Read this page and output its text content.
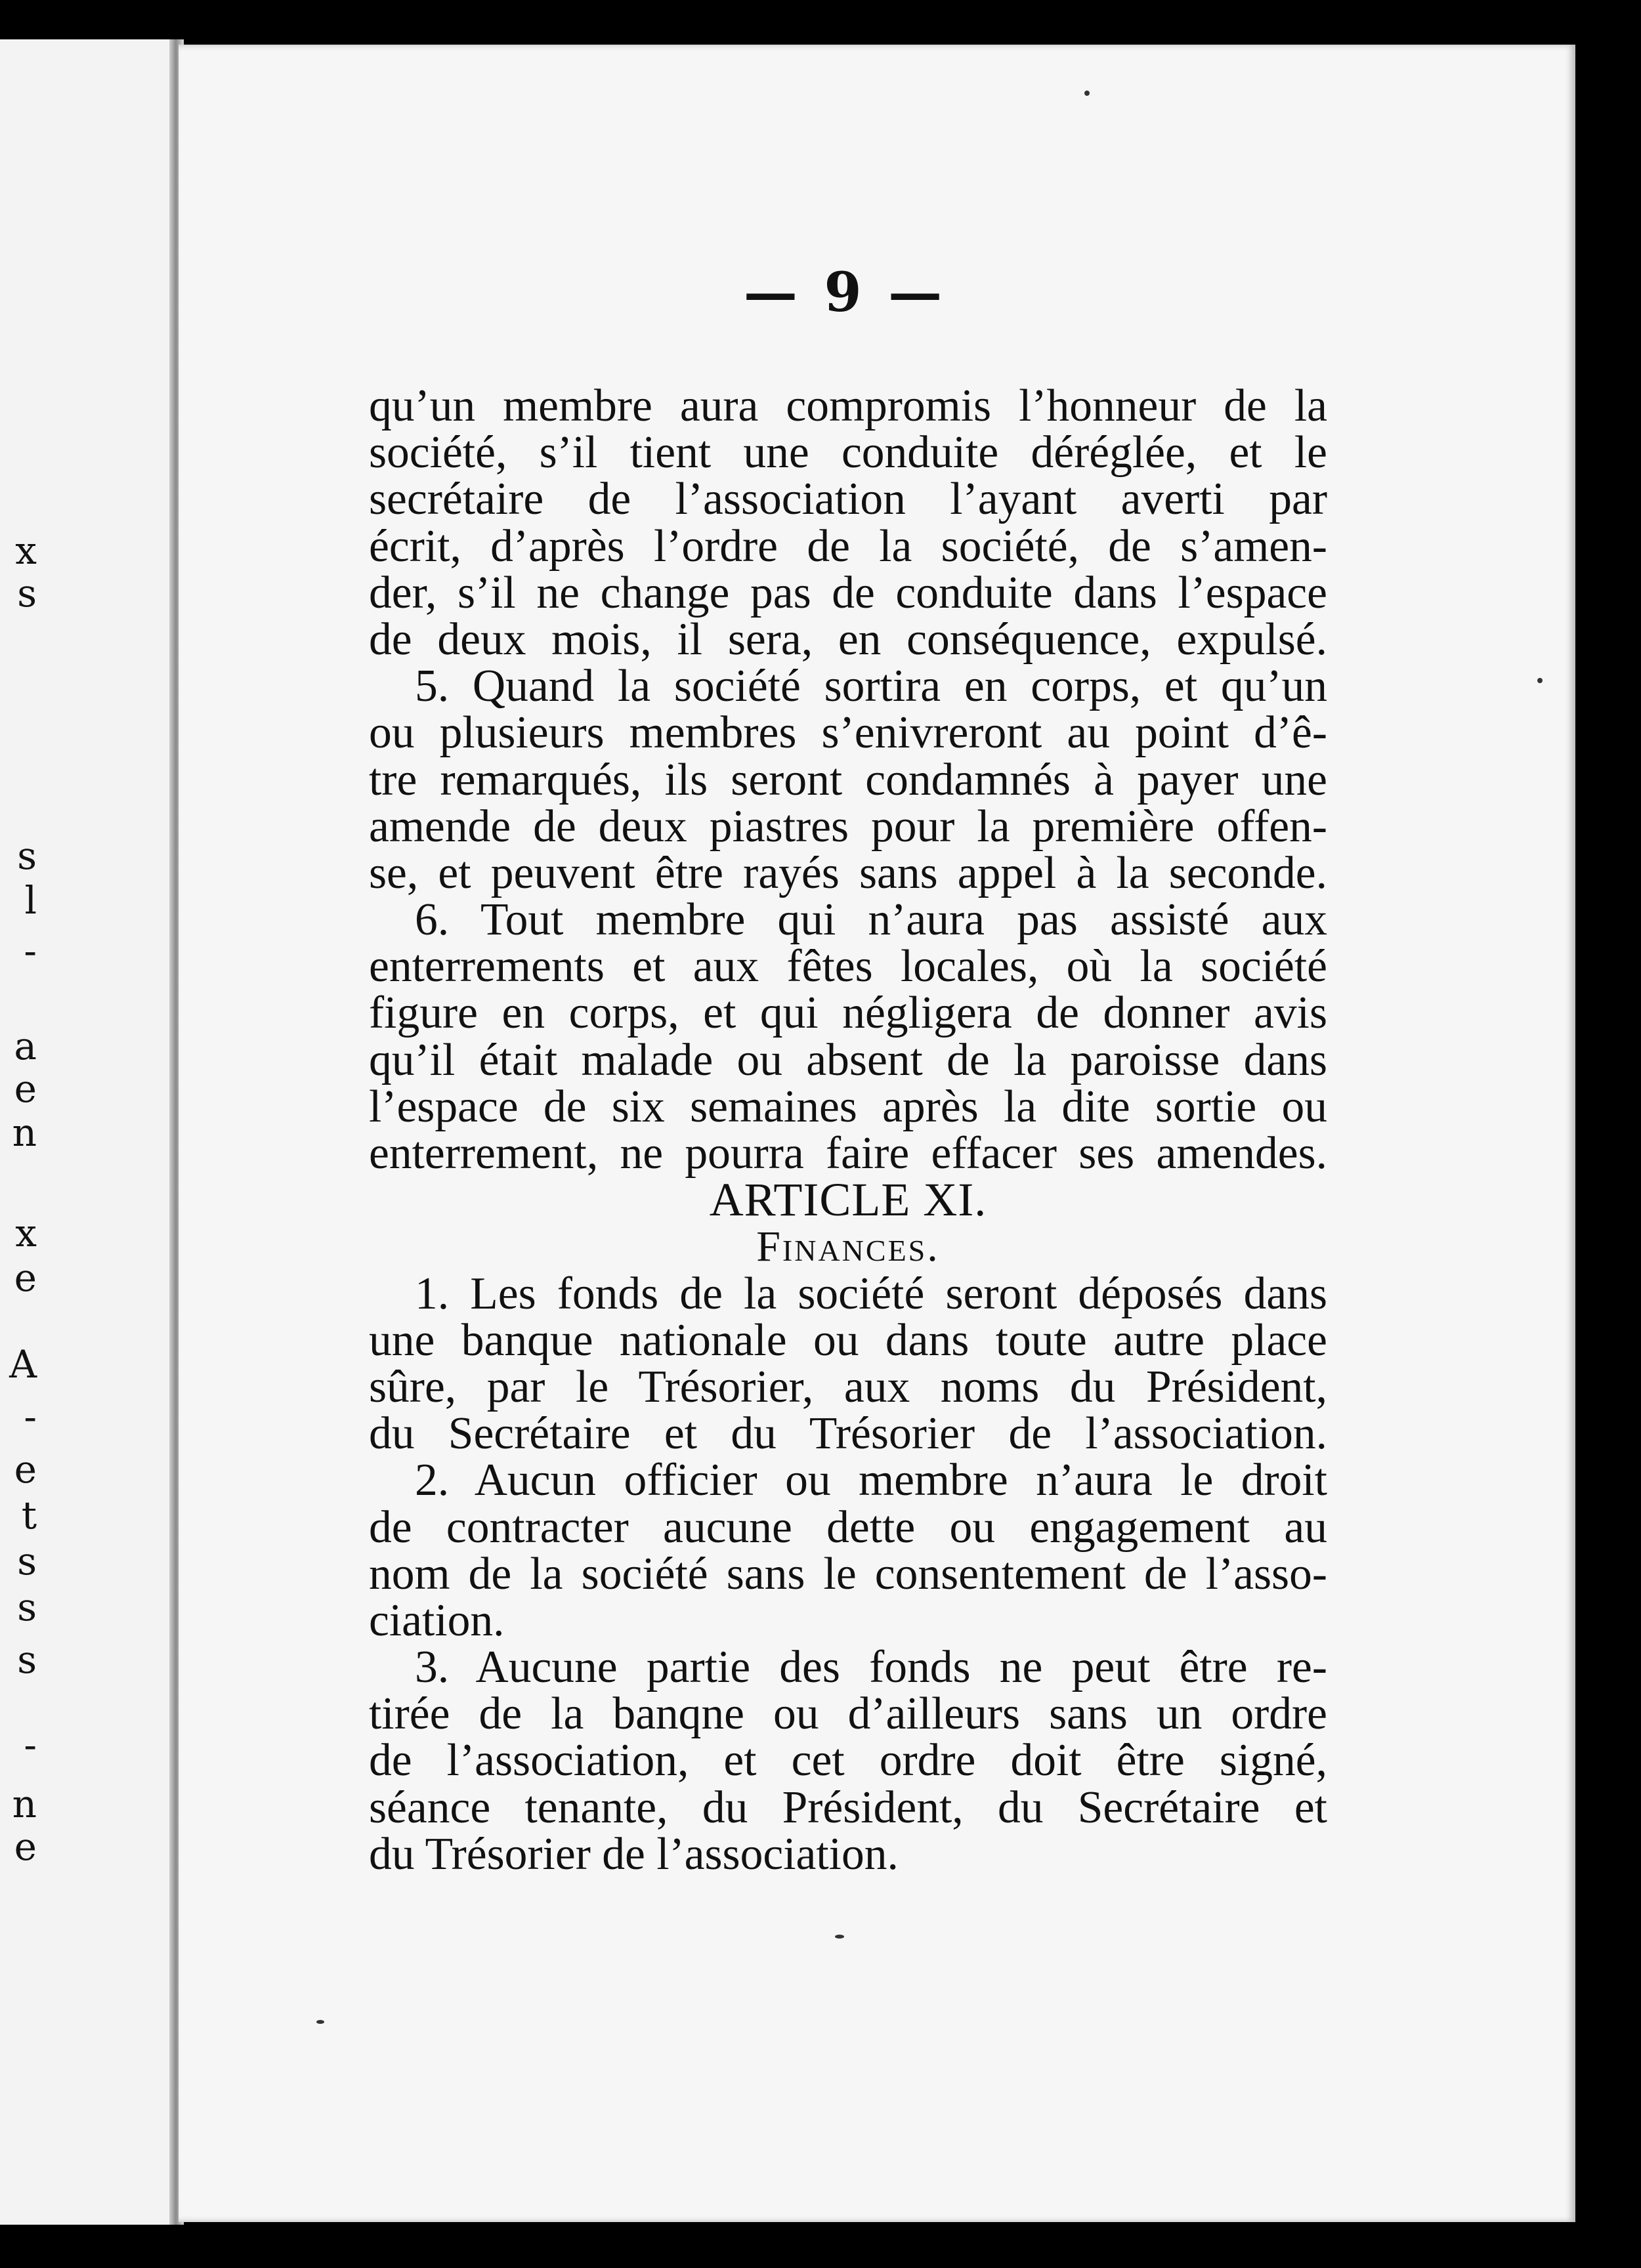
x
s
s
l
-
a
e
n
x
e
A
-
e
t
s
s
s
-
n
e
— 9 —
qu’un membre aura compromis l’honneur de la
société, s’il tient une conduite déréglée, et le
secrétaire de l’association l’ayant averti par
écrit, d’après l’ordre de la société, de s’amen-
der, s’il ne change pas de conduite dans l’espace
de deux mois, il sera, en conséquence, expulsé.
5. Quand la société sortira en corps, et qu’un
ou plusieurs membres s’enivreront au point d’ê-
tre remarqués, ils seront condamnés à payer une
amende de deux piastres pour la première offen-
se, et peuvent être rayés sans appel à la seconde.
6. Tout membre qui n’aura pas assisté aux
enterrements et aux fêtes locales, où la société
figure en corps, et qui négligera de donner avis
qu’il était malade ou absent de la paroisse dans
l’espace de six semaines après la dite sortie ou
enterrement, ne pourra faire effacer ses amendes.
ARTICLE XI.
Finances.
1. Les fonds de la société seront déposés dans
une banque nationale ou dans toute autre place
sûre, par le Trésorier, aux noms du Président,
du Secrétaire et du Trésorier de l’association.
2. Aucun officier ou membre n’aura le droit
de contracter aucune dette ou engagement au
nom de la société sans le consentement de l’asso-
ciation.
3. Aucune partie des fonds ne peut être re-
tirée de la banqne ou d’ailleurs sans un ordre
de l’association, et cet ordre doit être signé,
séance tenante, du Président, du Secrétaire et
du Trésorier de l’association.
